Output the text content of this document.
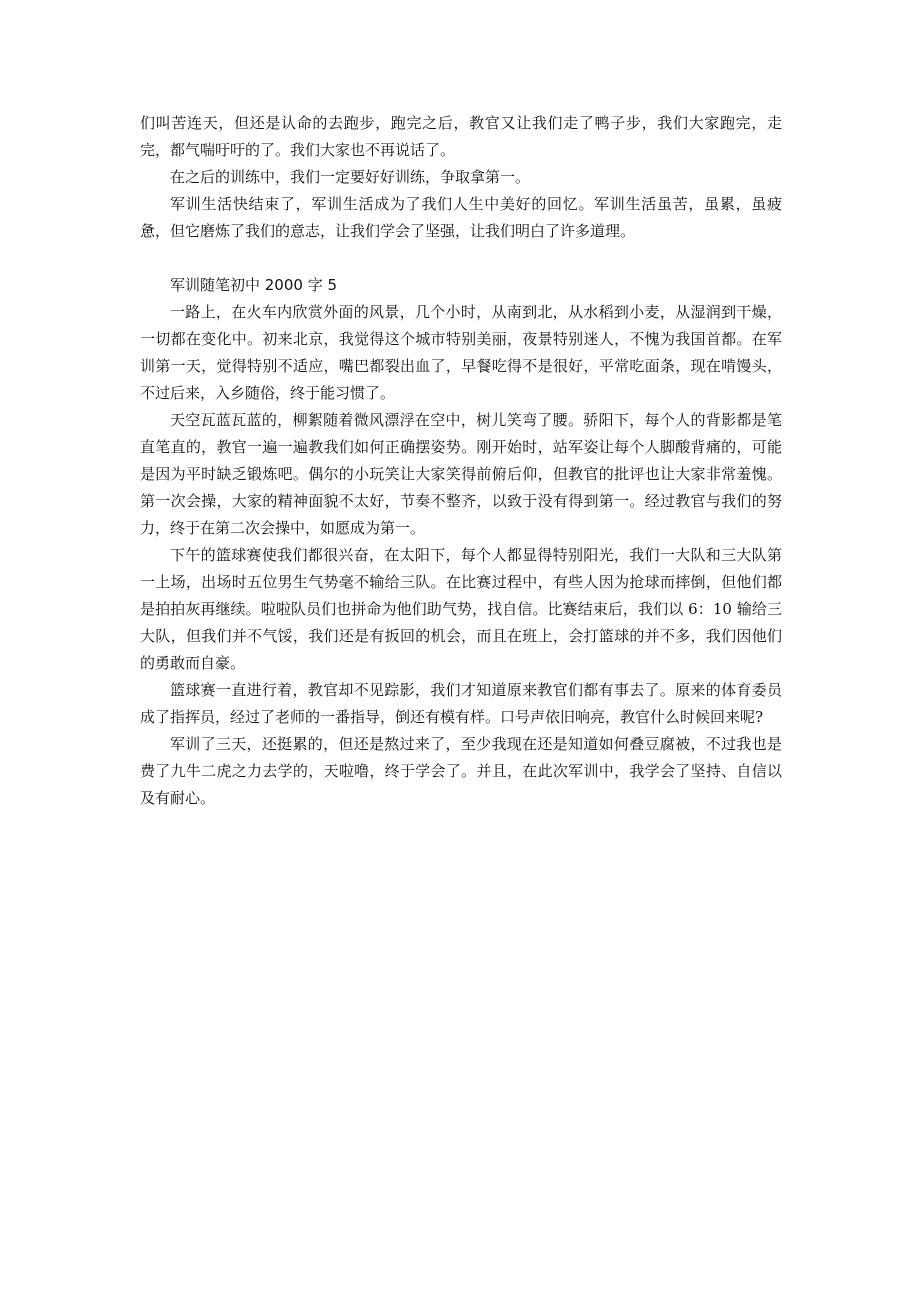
们叫苦连天，但还是认命的去跑步，跑完之后，教官又让我们走了鸭子步，我们大家跑完，走完，都气喘吁吁的了。我们大家也不再说话了。

在之后的训练中，我们一定要好好训练，争取拿第一。

军训生活快结束了，军训生活成为了我们人生中美好的回忆。军训生活虽苦，虽累，虽疲惫，但它磨炼了我们的意志，让我们学会了坚强，让我们明白了许多道理。

军训随笔初中 2000 字 5

一路上，在火车内欣赏外面的风景，几个小时，从南到北，从水稻到小麦，从湿润到干燥，一切都在变化中。初来北京，我觉得这个城市特别美丽，夜景特别迷人，不愧为我国首都。在军训第一天，觉得特别不适应，嘴巴都裂出血了，早餐吃得不是很好，平常吃面条，现在啃馒头，不过后来，入乡随俗，终于能习惯了。

天空瓦蓝瓦蓝的，柳絮随着微风漂浮在空中，树儿笑弯了腰。骄阳下，每个人的背影都是笔直笔直的，教官一遍一遍教我们如何正确摆姿势。刚开始时，站军姿让每个人脚酸背痛的，可能是因为平时缺乏锻炼吧。偶尔的小玩笑让大家笑得前俯后仰，但教官的批评也让大家非常羞愧。第一次会操，大家的精神面貌不太好，节奏不整齐，以致于没有得到第一。经过教官与我们的努力，终于在第二次会操中，如愿成为第一。

下午的篮球赛使我们都很兴奋，在太阳下，每个人都显得特别阳光，我们一大队和三大队第一上场，出场时五位男生气势毫不输给三队。在比赛过程中，有些人因为抢球而摔倒，但他们都是拍拍灰再继续。啦啦队员们也拼命为他们助气势，找自信。比赛结束后，我们以 6：10 输给三大队，但我们并不气馁，我们还是有扳回的机会，而且在班上，会打篮球的并不多，我们因他们的勇敢而自豪。

篮球赛一直进行着，教官却不见踪影，我们才知道原来教官们都有事去了。原来的体育委员成了指挥员，经过了老师的一番指导，倒还有模有样。口号声依旧响亮，教官什么时候回来呢?

军训了三天，还挺累的，但还是熬过来了，至少我现在还是知道如何叠豆腐被，不过我也是费了九牛二虎之力去学的，天啦噜，终于学会了。并且，在此次军训中，我学会了坚持、自信以及有耐心。
